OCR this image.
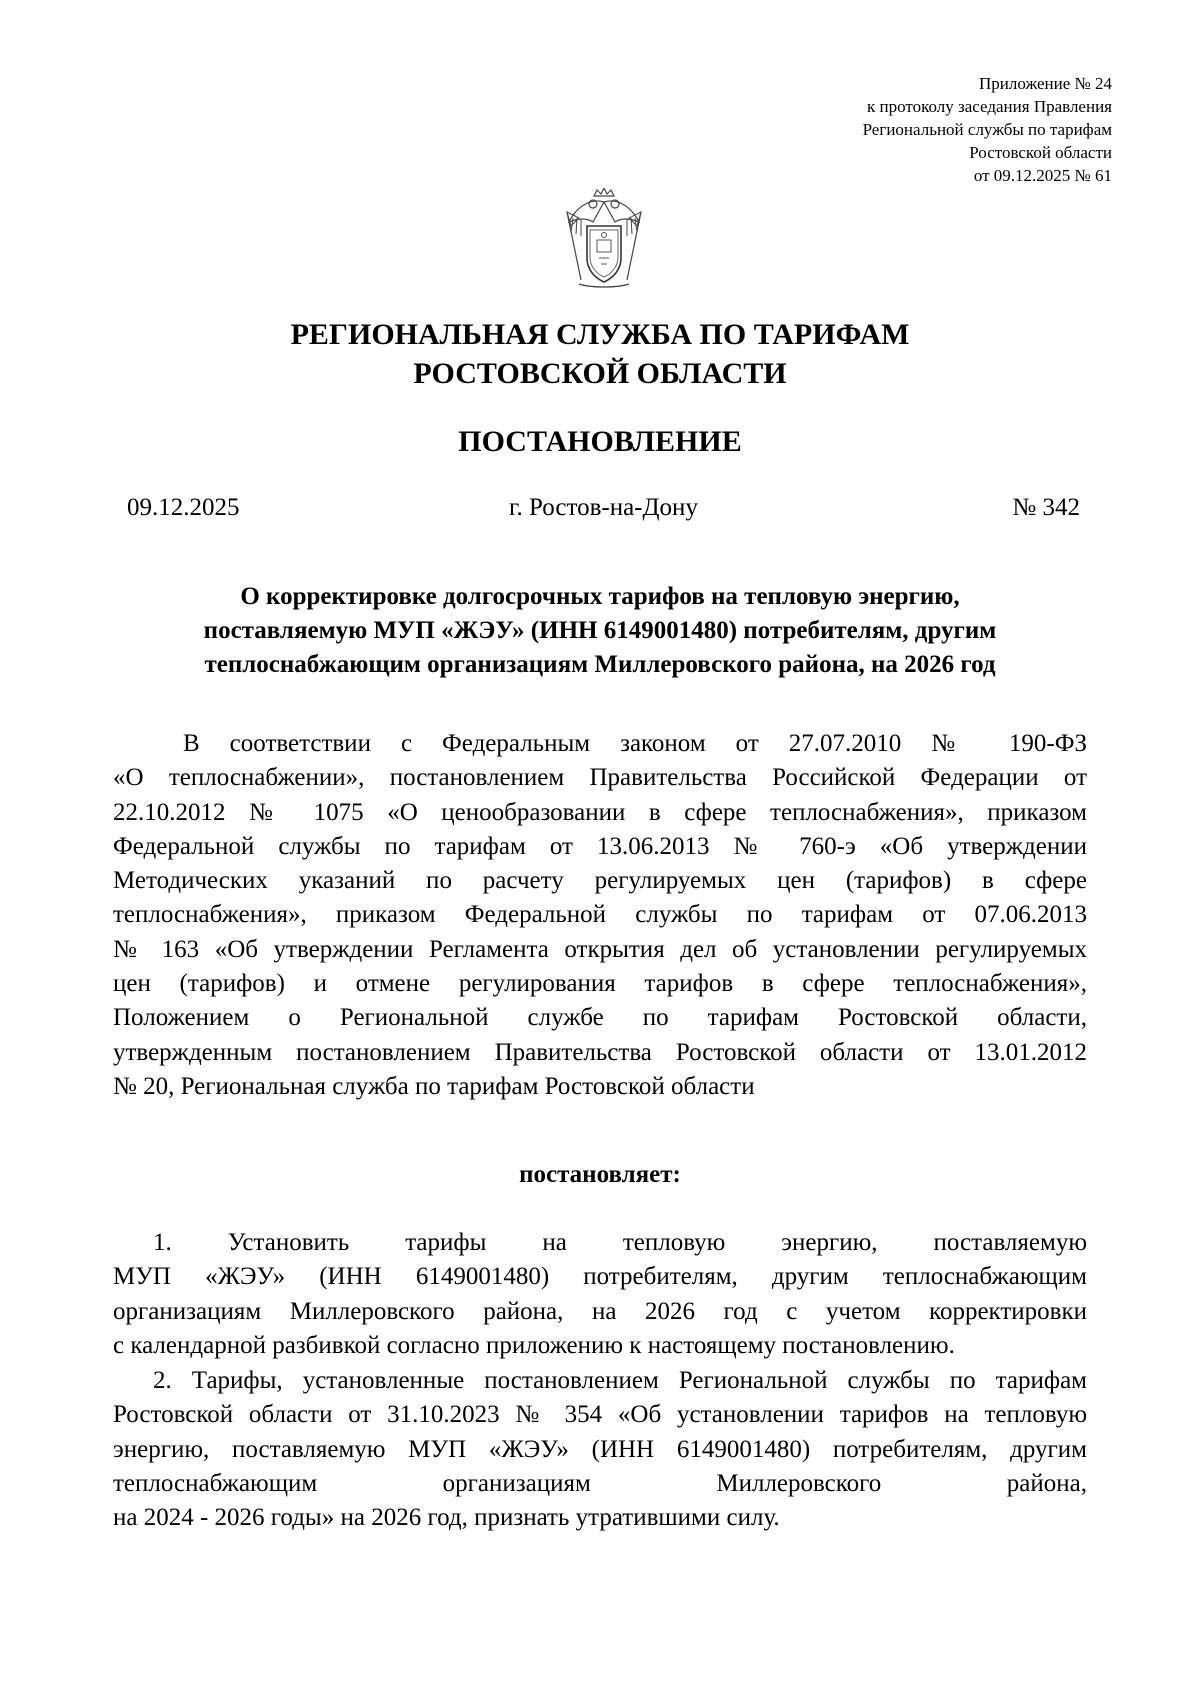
Приложение № 24
к протоколу заседания Правления
Региональной службы по тарифам
Ростовской области
от 09.12.2025 № 61
РЕГИОНАЛЬНАЯ СЛУЖБА ПО ТАРИФАМ
РОСТОВСКОЙ ОБЛАСТИ
ПОСТАНОВЛЕНИЕ
09.12.2025	г. Ростов-на-Дону	№ 342
О корректировке долгосрочных тарифов на тепловую энергию,
поставляемую МУП «ЖЭУ» (ИНН 6149001480) потребителям, другим
теплоснабжающим организациям Миллеровского района, на 2026 год
В соответствии с Федеральным законом от 27.07.2010 № 190-ФЗ
«О теплоснабжении», постановлением Правительства Российской Федерации от
22.10.2012 № 1075 «О ценообразовании в сфере теплоснабжения», приказом
Федеральной службы по тарифам от 13.06.2013 № 760-э «Об утверждении
Методических указаний по расчету регулируемых цен (тарифов) в сфере
теплоснабжения», приказом Федеральной службы по тарифам от 07.06.2013
№ 163 «Об утверждении Регламента открытия дел об установлении регулируемых
цен (тарифов) и отмене регулирования тарифов в сфере теплоснабжения»,
Положением о Региональной службе по тарифам Ростовской области,
утвержденным постановлением Правительства Ростовской области от 13.01.2012
№ 20, Региональная служба по тарифам Ростовской области
постановляет:
1. Установить тарифы на тепловую энергию, поставляемую
МУП «ЖЭУ» (ИНН 6149001480) потребителям, другим теплоснабжающим
организациям Миллеровского района, на 2026 год с учетом корректировки
с календарной разбивкой согласно приложению к настоящему постановлению.
2. Тарифы, установленные постановлением Региональной службы по тарифам
Ростовской области от 31.10.2023 № 354 «Об установлении тарифов на тепловую
энергию, поставляемую МУП «ЖЭУ» (ИНН 6149001480) потребителям, другим
теплоснабжающим организациям Миллеровского района,
на 2024 - 2026 годы» на 2026 год, признать утратившими силу.
